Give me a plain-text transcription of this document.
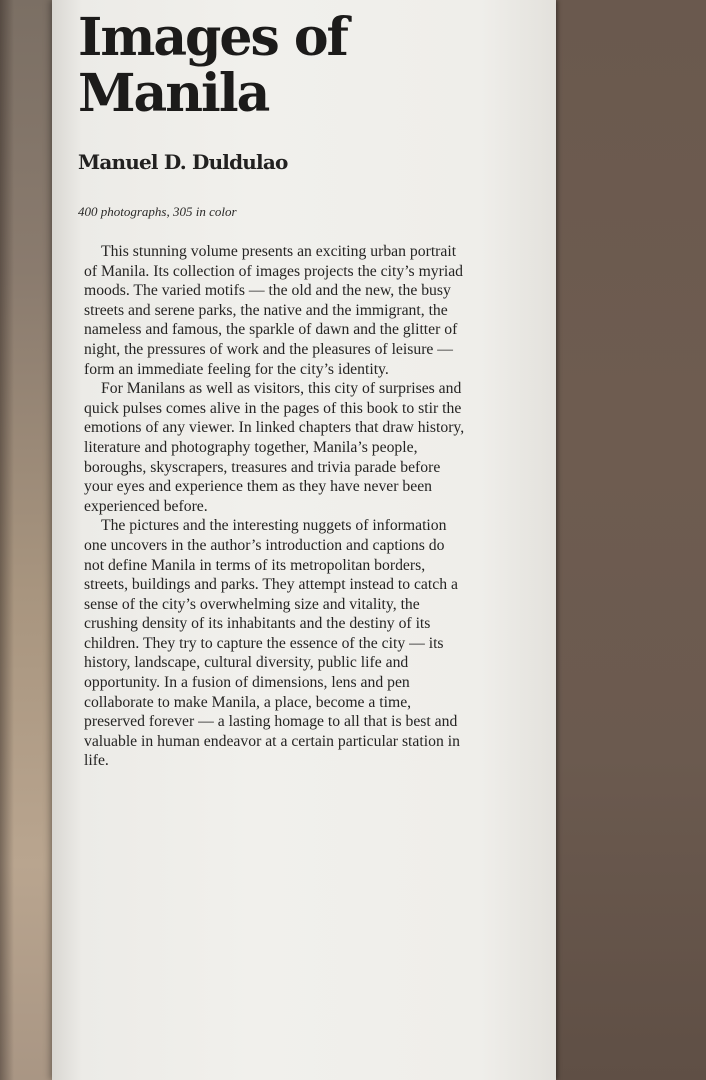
Images of
Manila
Manuel D. Duldulao
400 photographs, 305 in color

This stunning volume presents an exciting urban portrait of Manila. Its collection of images projects the city’s myriad moods. The varied motifs — the old and the new, the busy streets and serene parks, the native and the immigrant, the nameless and famous, the sparkle of dawn and the glitter of night, the pressures of work and the pleasures of leisure — form an immediate feeling for the city’s identity.

For Manilans as well as visitors, this city of surprises and quick pulses comes alive in the pages of this book to stir the emotions of any viewer. In linked chapters that draw history, literature and photography together, Manila’s people, boroughs, skyscrapers, treasures and trivia parade before your eyes and experience them as they have never been experienced before.

The pictures and the interesting nuggets of information one uncovers in the author’s introduction and captions do not define Manila in terms of its metropolitan borders, streets, buildings and parks. They attempt instead to catch a sense of the city’s overwhelming size and vitality, the crushing density of its inhabitants and the destiny of its children. They try to capture the essence of the city — its history, landscape, cultural diversity, public life and opportunity. In a fusion of dimensions, lens and pen collaborate to make Manila, a place, become a time, preserved forever — a lasting homage to all that is best and valuable in human endeavor at a certain particular station in life.
